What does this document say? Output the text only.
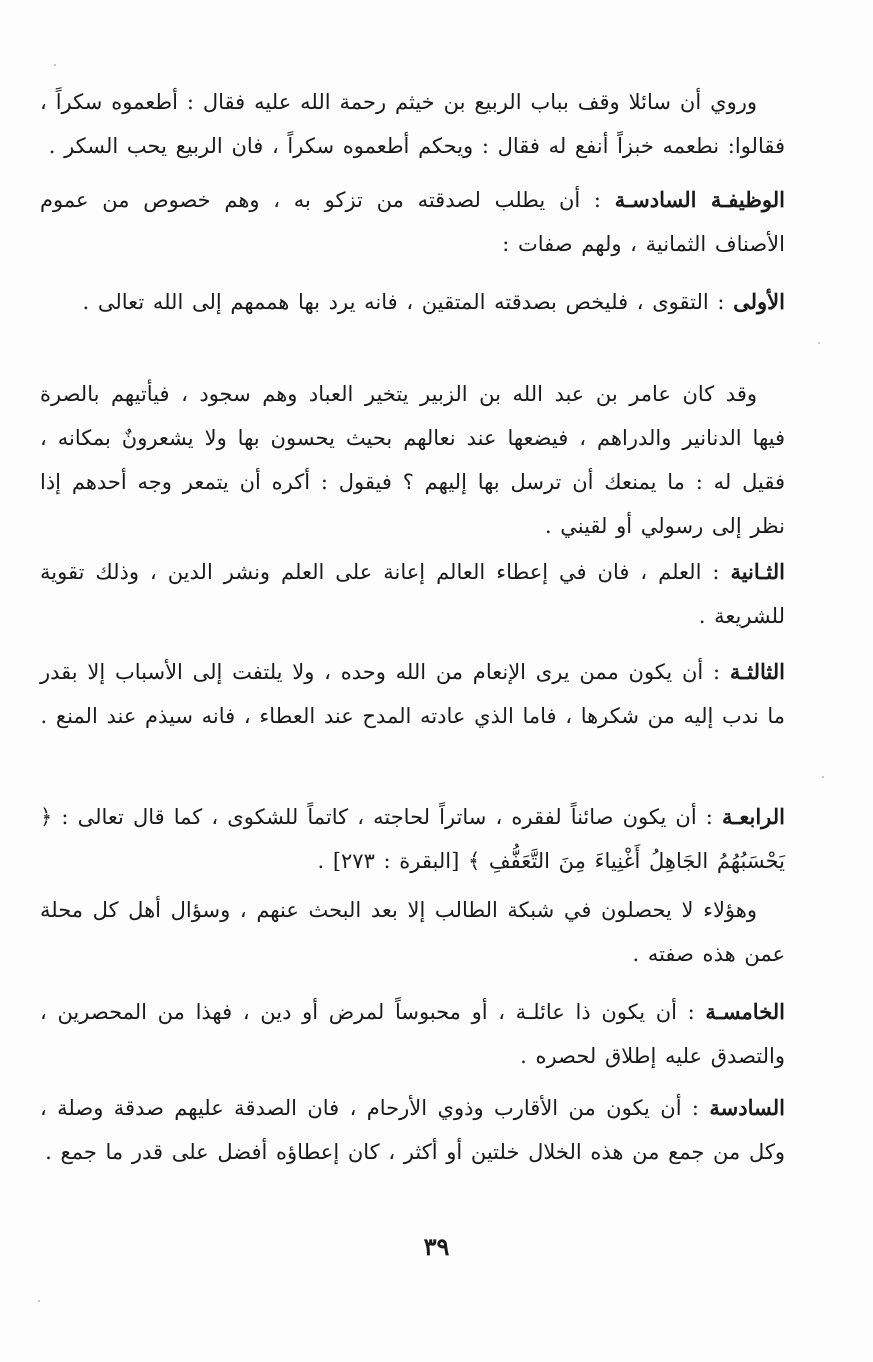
وروي أن سائلا وقف بباب الربيع بن خيثم رحمة الله عليه فقال : أطعموه سكراً ، فقالوا: نطعمه خبزاً أنفع له فقال : ويحكم أطعموه سكراً ، فان الربيع يحب السكر .
الوظيفـة السادسـة : أن يطلب لصدقته من تزكو به ، وهم خصوص من عموم الأصناف الثمانية ، ولهم صفات :
الأولى : التقوى ، فليخص بصدقته المتقين ، فانه يرد بها هممهم إلى الله تعالى .
وقد كان عامر بن عبد الله بن الزبير يتخير العباد وهم سجود ، فيأتيهم بالصرة فيها الدنانير والدراهم ، فيضعها عند نعالهم بحيث يحسون بها ولا يشعرونٌ بمكانه ، فقيل له : ما يمنعك أن ترسل بها إليهم ؟ فيقول : أكره أن يتمعر وجه أحدهم إذا نظر إلى رسولي أو لقيني .
الثـانية : العلم ، فان في إعطاء العالم إعانة على العلم ونشر الدين ، وذلك تقوية للشريعة .
الثالثـة : أن يكون ممن يرى الإنعام من الله وحده ، ولا يلتفت إلى الأسباب إلا بقدر ما ندب إليه من شكرها ، فاما الذي عادته المدح عند العطاء ، فانه سيذم عند المنع .
الرابعـة : أن يكون صائناً لفقره ، ساتراً لحاجته ، كاتماً للشكوى ، كما قال تعالى : ﴿ يَحْسَبُهُمُ الجَاهِلُ أَغْنِياءَ مِنَ التَّعَفُّفِ ﴾ [البقرة : ٢٧٣] .
وهؤلاء لا يحصلون في شبكة الطالب إلا بعد البحث عنهم ، وسؤال أهل كل محلة عمن هذه صفته .
الخامسـة : أن يكون ذا عائلـة ، أو محبوساً لمرض أو دين ، فهذا من المحصرين ، والتصدق عليه إطلاق لحصره .
السادسة : أن يكون من الأقارب وذوي الأرحام ، فان الصدقة عليهم صدقة وصلة ، وكل من جمع من هذه الخلال خلتين أو أكثر ، كان إعطاؤه أفضل على قدر ما جمع .
٣٩
